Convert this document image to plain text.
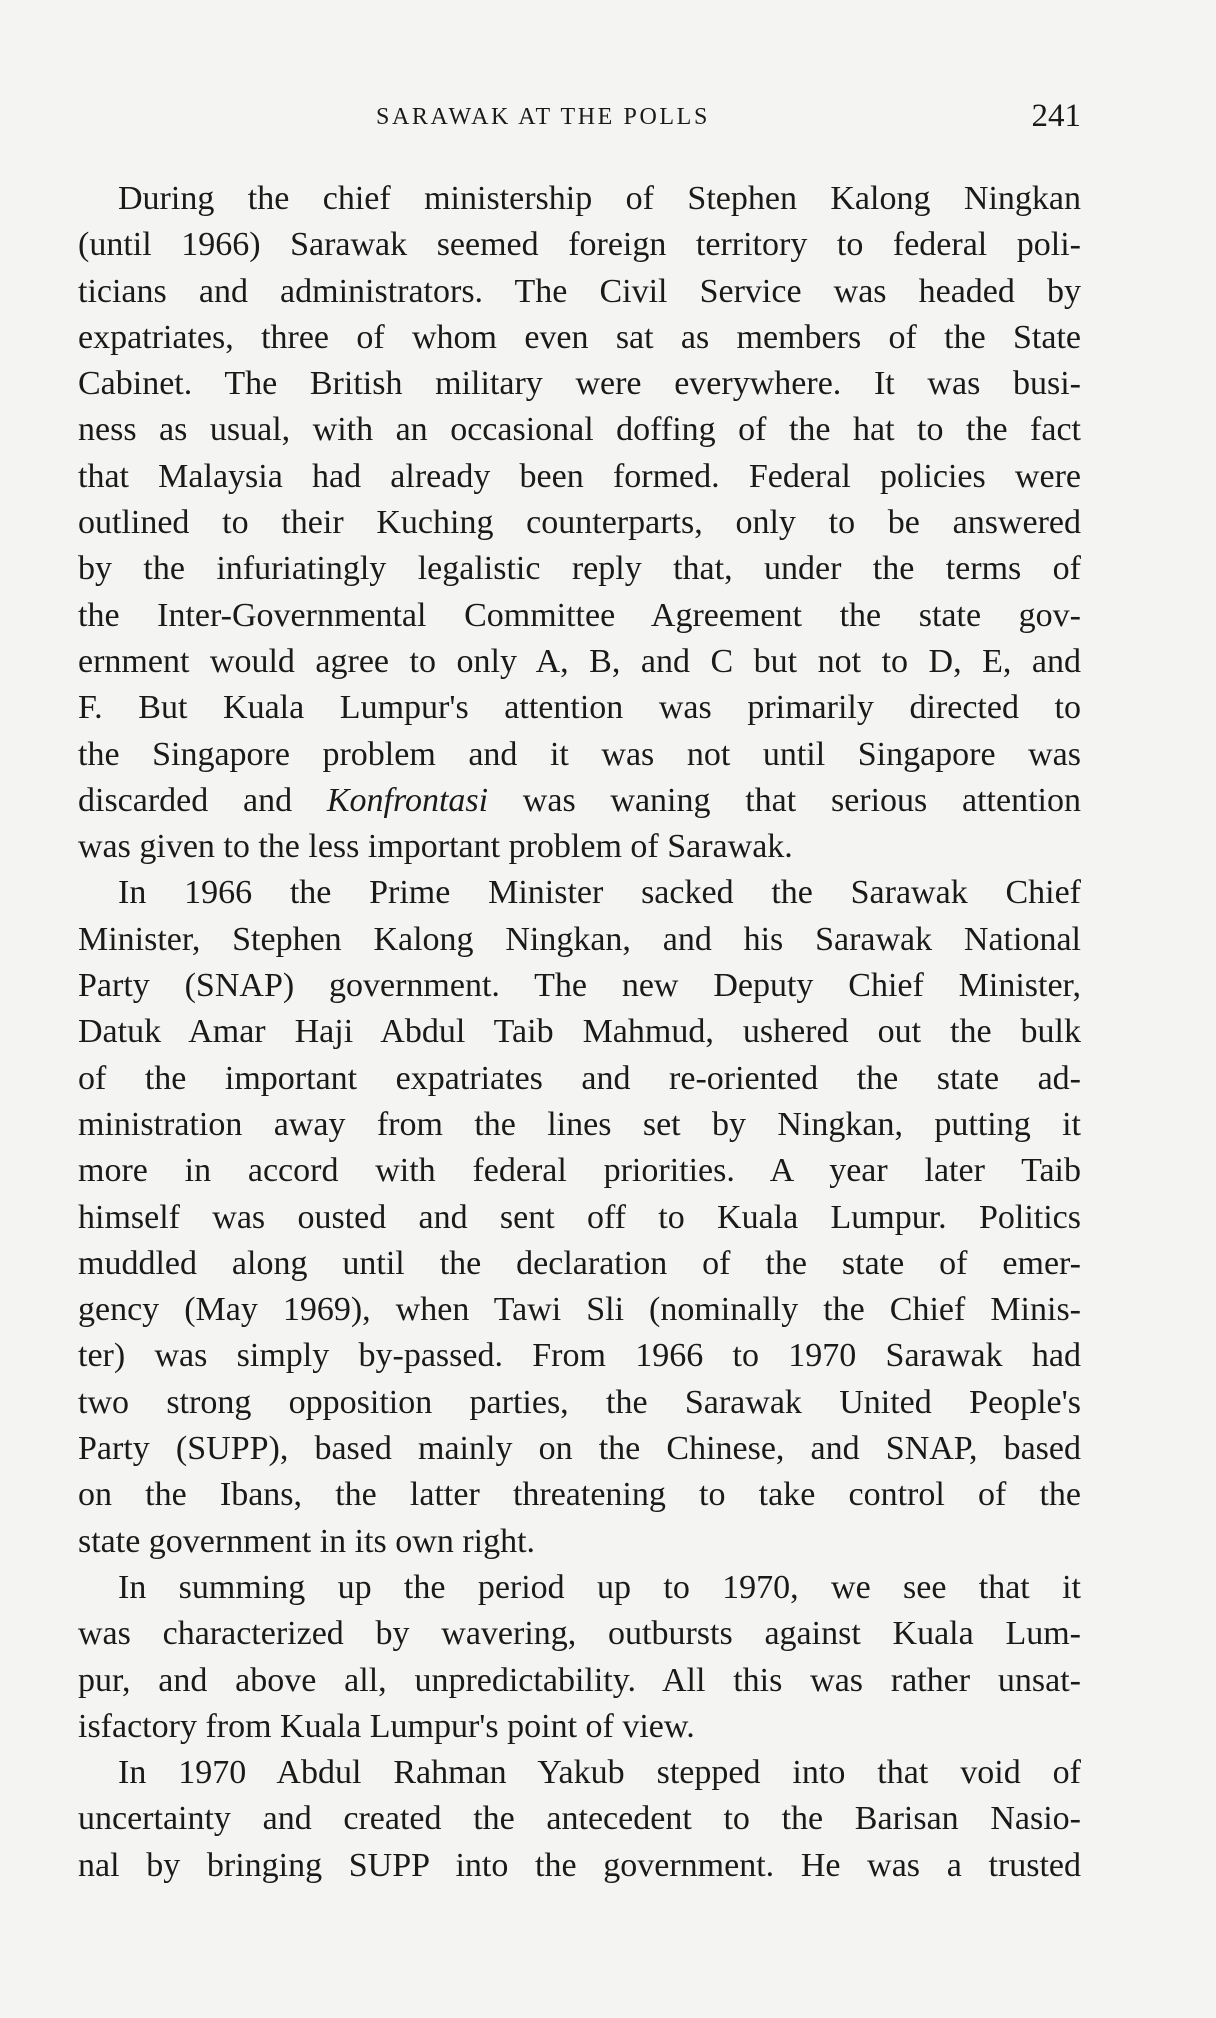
SARAWAK AT THE POLLS	241
During the chief ministership of Stephen Kalong Ningkan
(until 1966) Sarawak seemed foreign territory to federal poli-
ticians and administrators. The Civil Service was headed by
expatriates, three of whom even sat as members of the State
Cabinet. The British military were everywhere. It was busi-
ness as usual, with an occasional doffing of the hat to the fact
that Malaysia had already been formed. Federal policies were
outlined to their Kuching counterparts, only to be answered
by the infuriatingly legalistic reply that, under the terms of
the Inter-Governmental Committee Agreement the state gov-
ernment would agree to only A, B, and C but not to D, E, and
F. But Kuala Lumpur's attention was primarily directed to
the Singapore problem and it was not until Singapore was
discarded and Konfrontasi was waning that serious attention
was given to the less important problem of Sarawak.
In 1966 the Prime Minister sacked the Sarawak Chief
Minister, Stephen Kalong Ningkan, and his Sarawak National
Party (SNAP) government. The new Deputy Chief Minister,
Datuk Amar Haji Abdul Taib Mahmud, ushered out the bulk
of the important expatriates and re-oriented the state ad-
ministration away from the lines set by Ningkan, putting it
more in accord with federal priorities. A year later Taib
himself was ousted and sent off to Kuala Lumpur. Politics
muddled along until the declaration of the state of emer-
gency (May 1969), when Tawi Sli (nominally the Chief Minis-
ter) was simply by-passed. From 1966 to 1970 Sarawak had
two strong opposition parties, the Sarawak United People's
Party (SUPP), based mainly on the Chinese, and SNAP, based
on the Ibans, the latter threatening to take control of the
state government in its own right.
In summing up the period up to 1970, we see that it
was characterized by wavering, outbursts against Kuala Lum-
pur, and above all, unpredictability. All this was rather unsat-
isfactory from Kuala Lumpur's point of view.
In 1970 Abdul Rahman Yakub stepped into that void of
uncertainty and created the antecedent to the Barisan Nasio-
nal by bringing SUPP into the government. He was a trusted
